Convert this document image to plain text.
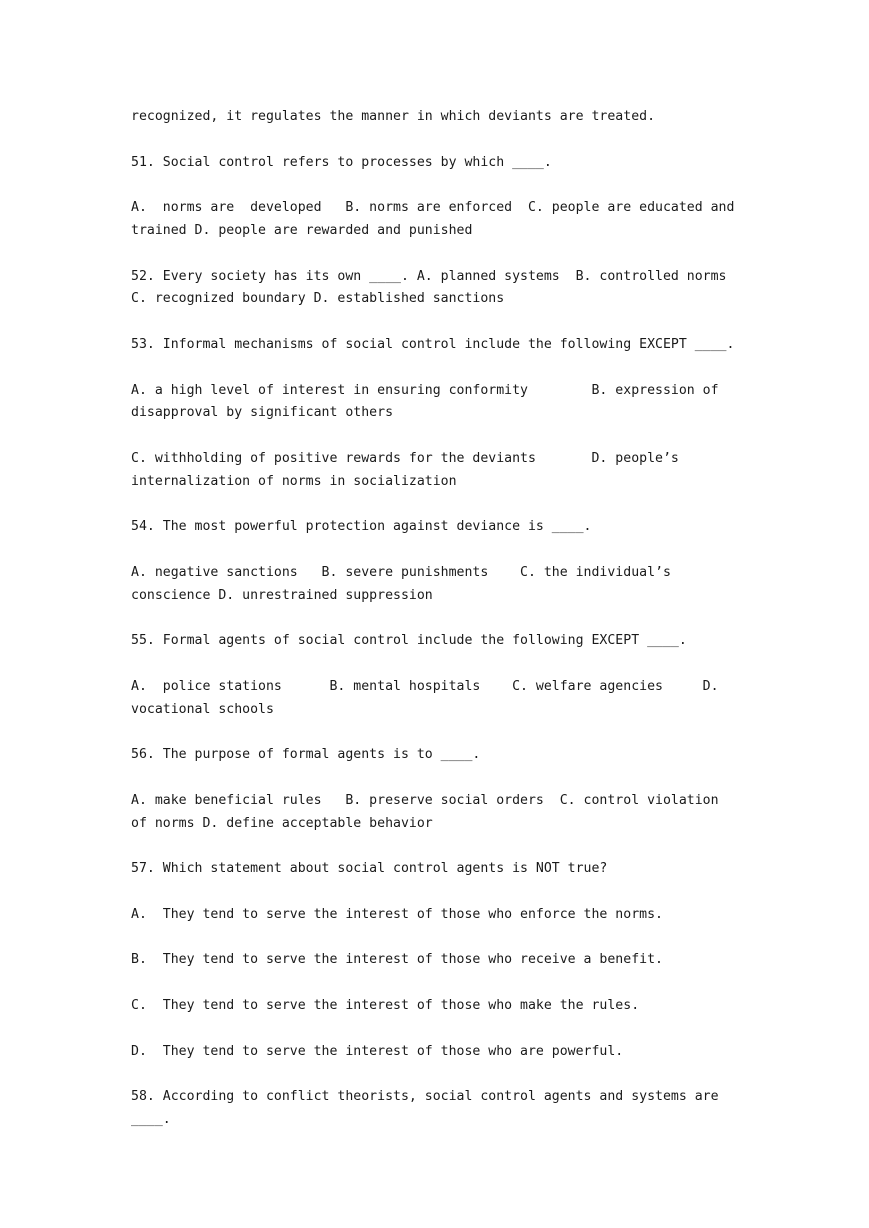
recognized, it regulates the manner in which deviants are treated.

51. Social control refers to processes by which ____.

A.  norms are  developed   B. norms are enforced  C. people are educated and trained D. people are rewarded and punished

52. Every society has its own ____. A. planned systems  B. controlled norms C. recognized boundary D. established sanctions

53. Informal mechanisms of social control include the following EXCEPT ____.

A. a high level of interest in ensuring conformity        B. expression of disapproval by significant others

C. withholding of positive rewards for the deviants       D. people’s internalization of norms in socialization

54. The most powerful protection against deviance is ____.

A. negative sanctions   B. severe punishments    C. the individual’s conscience D. unrestrained suppression

55. Formal agents of social control include the following EXCEPT ____.

A.  police stations      B. mental hospitals    C. welfare agencies     D. vocational schools

56. The purpose of formal agents is to ____.

A. make beneficial rules   B. preserve social orders  C. control violation of norms D. define acceptable behavior

57. Which statement about social control agents is NOT true?

A.  They tend to serve the interest of those who enforce the norms.

B.  They tend to serve the interest of those who receive a benefit.

C.  They tend to serve the interest of those who make the rules.

D.  They tend to serve the interest of those who are powerful.

58. According to conflict theorists, social control agents and systems are ____.
